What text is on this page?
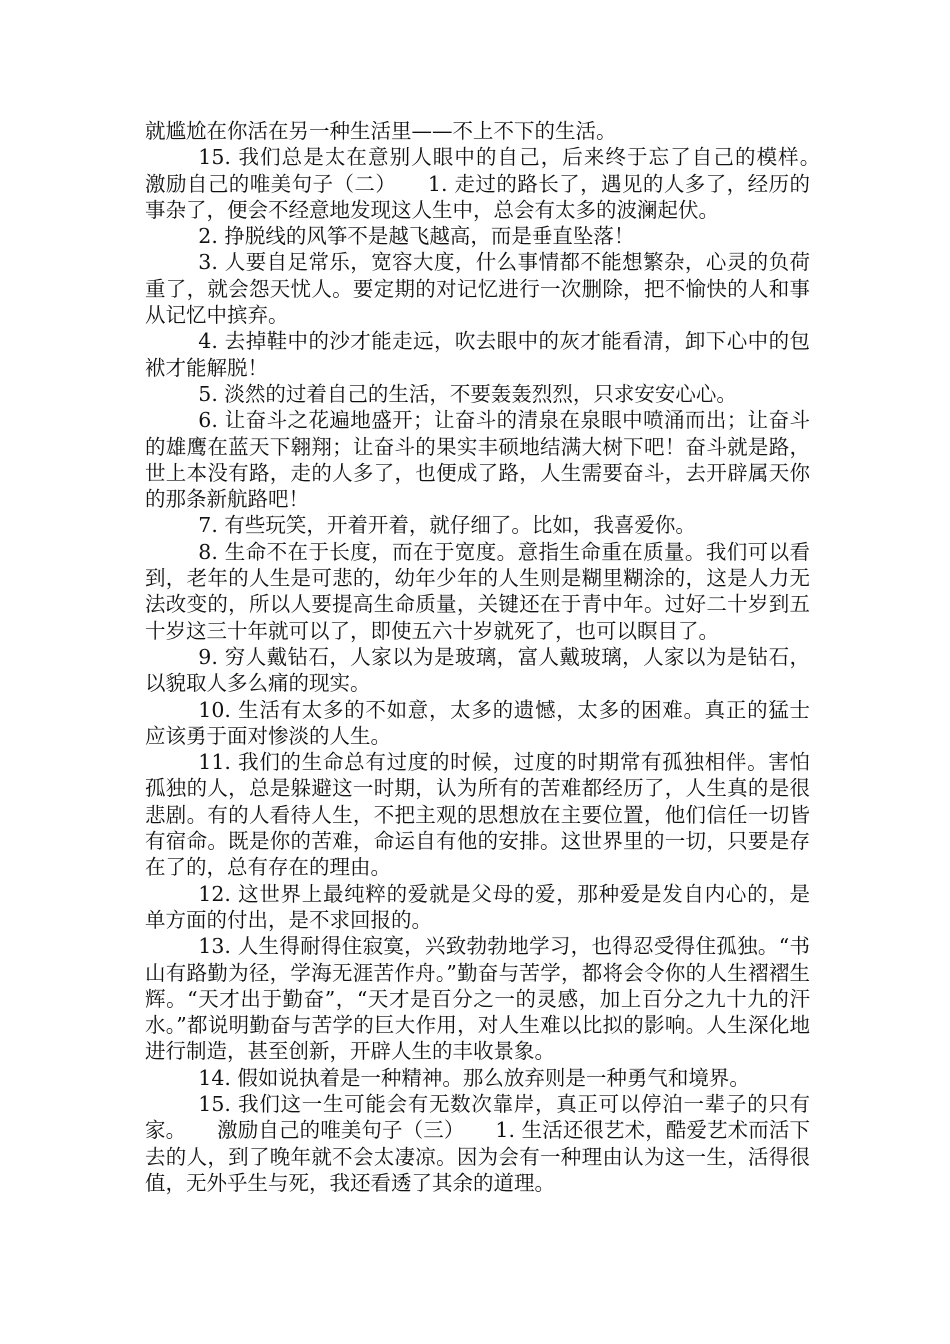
就尴尬在你活在另一种生活里——不上不下的生活。

15. 我们总是太在意别人眼中的自己，后来终于忘了自己的模样。　　激励自己的唯美句子（二）　　1. 走过的路长了，遇见的人多了，经历的事杂了，便会不经意地发现这人生中，总会有太多的波澜起伏。

2. 挣脱线的风筝不是越飞越高，而是垂直坠落！

3. 人要自足常乐，宽容大度，什么事情都不能想繁杂，心灵的负荷重了，就会怨天忧人。要定期的对记忆进行一次删除，把不愉快的人和事从记忆中摈弃。

4. 去掉鞋中的沙才能走远，吹去眼中的灰才能看清，卸下心中的包袱才能解脱！

5. 淡然的过着自己的生活，不要轰轰烈烈，只求安安心心。

6. 让奋斗之花遍地盛开；让奋斗的清泉在泉眼中喷涌而出；让奋斗的雄鹰在蓝天下翱翔；让奋斗的果实丰硕地结满大树下吧！奋斗就是路，世上本没有路，走的人多了，也便成了路，人生需要奋斗，去开辟属天你的那条新航路吧！

7. 有些玩笑，开着开着，就仔细了。比如，我喜爱你。

8. 生命不在于长度，而在于宽度。意指生命重在质量。我们可以看到，老年的人生是可悲的，幼年少年的人生则是糊里糊涂的，这是人力无法改变的，所以人要提高生命质量，关键还在于青中年。过好二十岁到五十岁这三十年就可以了，即使五六十岁就死了，也可以瞑目了。

9. 穷人戴钻石，人家以为是玻璃，富人戴玻璃，人家以为是钻石，以貌取人多么痛的现实。

10. 生活有太多的不如意，太多的遗憾，太多的困难。真正的猛士应该勇于面对惨淡的人生。

11. 我们的生命总有过度的时候，过度的时期常有孤独相伴。害怕孤独的人，总是躲避这一时期，认为所有的苦难都经历了，人生真的是很悲剧。有的人看待人生，不把主观的思想放在主要位置，他们信任一切皆有宿命。既是你的苦难，命运自有他的安排。这世界里的一切，只要是存在了的，总有存在的理由。

12. 这世界上最纯粹的爱就是父母的爱，那种爱是发自内心的，是单方面的付出，是不求回报的。

13. 人生得耐得住寂寞，兴致勃勃地学习，也得忍受得住孤独。“书山有路勤为径，学海无涯苦作舟。”勤奋与苦学，都将会令你的人生褶褶生辉。“天才出于勤奋”，“天才是百分之一的灵感，加上百分之九十九的汗水。”都说明勤奋与苦学的巨大作用，对人生难以比拟的影响。人生深化地进行制造，甚至创新，开辟人生的丰收景象。

14. 假如说执着是一种精神。那么放弃则是一种勇气和境界。

15. 我们这一生可能会有无数次靠岸，真正可以停泊一辈子的只有家。　　激励自己的唯美句子（三）　　1. 生活还很艺术，酷爱艺术而活下去的人，到了晚年就不会太凄凉。因为会有一种理由认为这一生，活得很值，无外乎生与死，我还看透了其余的道理。
